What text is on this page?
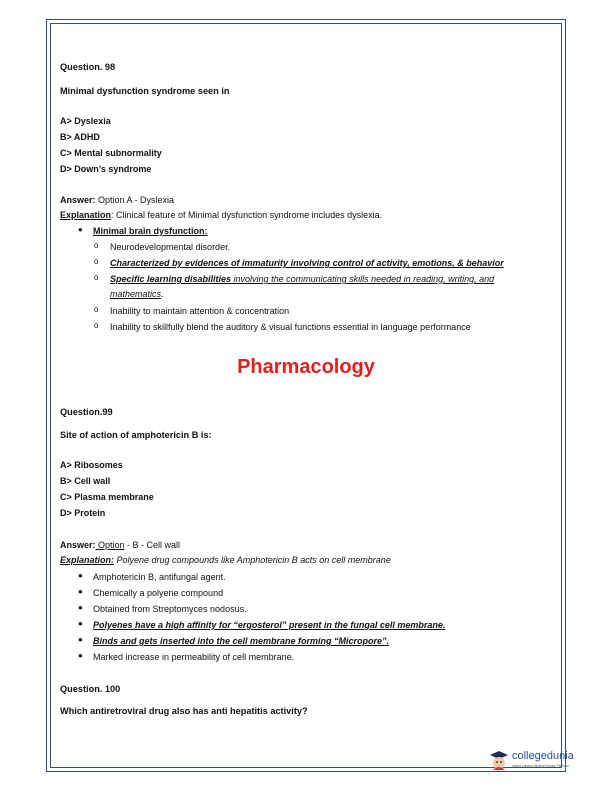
Question. 98
Minimal dysfunction syndrome seen in
A> Dyslexia
B> ADHD
C> Mental subnormality
D> Down’s syndrome
Answer: Option A - Dyslexia
Explanation: Clinical feature of Minimal dysfunction syndrome includes dyslexia.
● Minimal brain dysfunction:
o Neurodevelopmental disorder.
o Characterized by evidences of immaturity involving control of activity, emotions, & behavior
o Specific learning disabilities involving the communicating skills needed in reading, writing, and
mathematics.
o Inability to maintain attention & concentration
o Inability to skillfully blend the auditory & visual functions essential in language performance
Pharmacology
Question.99
Site of action of amphotericin B is:
A> Ribosomes
B> Cell wall
C> Plasma membrane
D> Protein
Answer: Option - B - Cell wall
Explanation: Polyene drug compounds like Amphotericin B acts on cell membrane
● Amphotericin B, antifungal agent.
● Chemically a polyene compound
● Obtained from Streptomyces nodosus.
● Polyenes have a high affinity for “ergosterol” present in the fungal cell membrane.
● Binds and gets inserted into the cell membrane forming “Micropore”.
● Marked increase in permeability of cell membrane.
Question. 100
Which antiretroviral drug also has anti hepatitis activity?
collegedunia
India's Largest Student Review Platform
